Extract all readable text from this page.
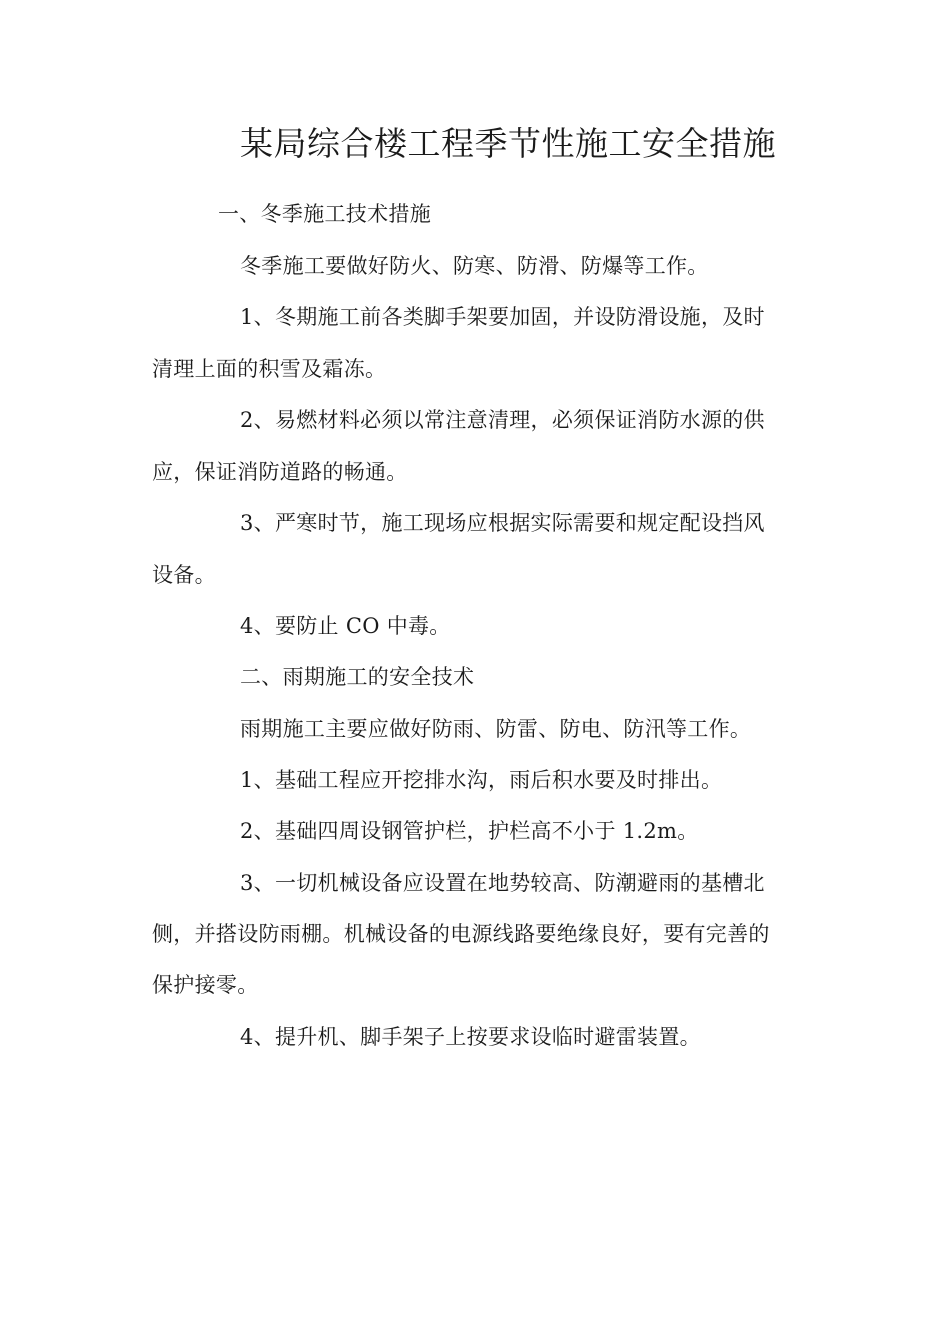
某局综合楼工程季节性施工安全措施
一、冬季施工技术措施
冬季施工要做好防火、防寒、防滑、防爆等工作。
1、冬期施工前各类脚手架要加固，并设防滑设施，及时
清理上面的积雪及霜冻。
2、易燃材料必须以常注意清理，必须保证消防水源的供
应，保证消防道路的畅通。
3、严寒时节，施工现场应根据实际需要和规定配设挡风
设备。
4、要防止 CO 中毒。
二、雨期施工的安全技术
雨期施工主要应做好防雨、防雷、防电、防汛等工作。
1、基础工程应开挖排水沟，雨后积水要及时排出。
2、基础四周设钢管护栏，护栏高不小于 1.2m。
3、一切机械设备应设置在地势较高、防潮避雨的基槽北
侧，并搭设防雨棚。机械设备的电源线路要绝缘良好，要有完善的
保护接零。
4、提升机、脚手架子上按要求设临时避雷装置。
